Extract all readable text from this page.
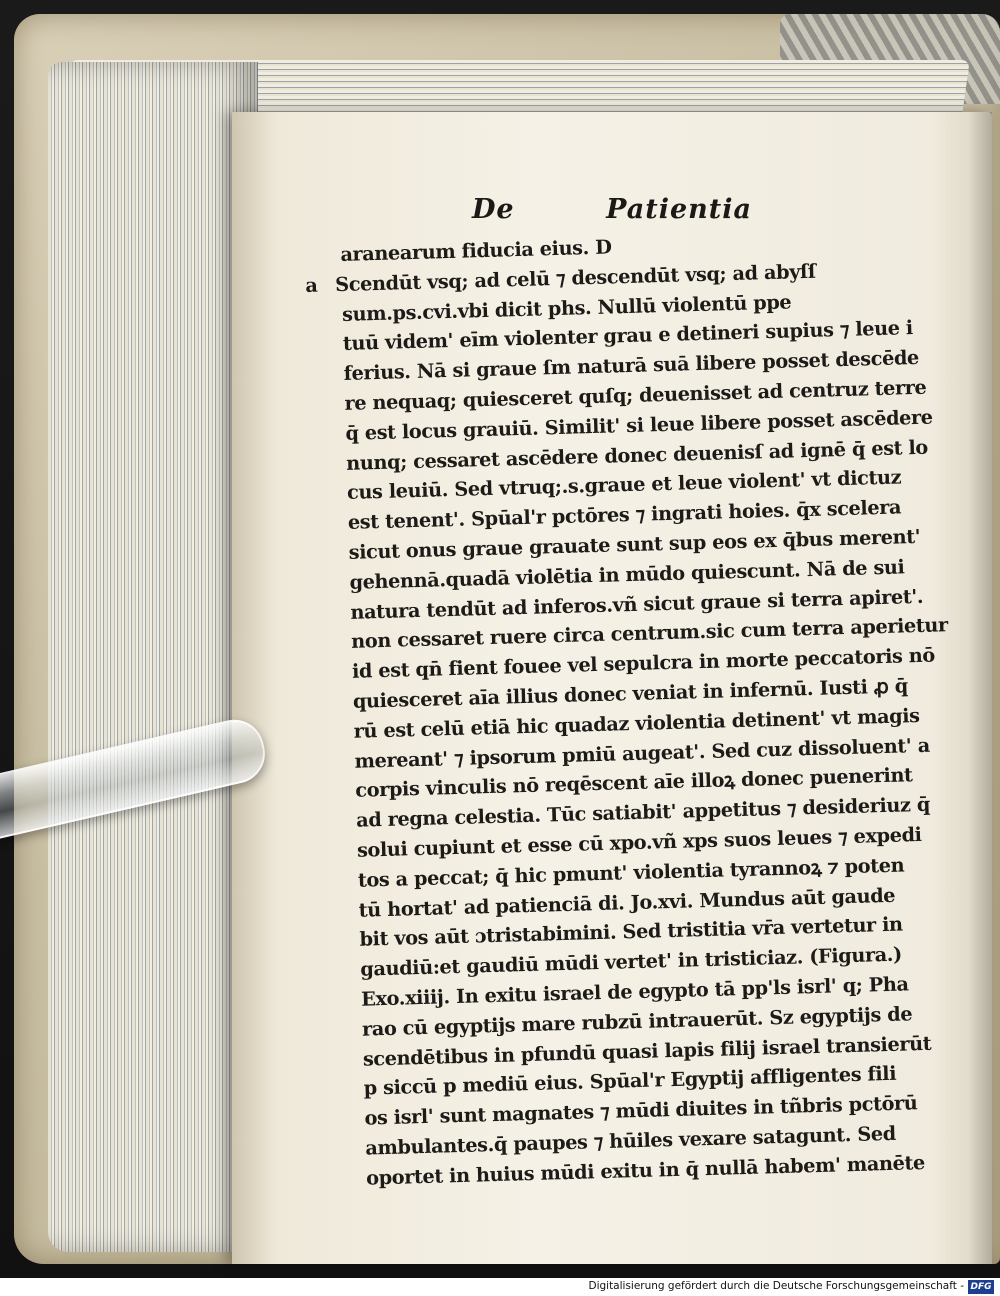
De	Patientia
aranearum fiducia eius. D
a Scendūt vsq; ad celū ⁊ descendūt vsq; ad abyſſ
sum.ps.cvi.vbi dicit phs. Nullū violentū ppe
tuū videm' eīm violenter grau e detineri supius ⁊ leue i
ferius. Nā si graue ſm naturā suā libere posset descēde
re nequaq; quiesceret quſq; deuenisset ad centruz terre
q̄ est locus grauiū. Similit' si leue libere posset ascēdere
nunq; cessaret ascēdere donec deuenisſ ad ignē q̄ est lo
cus leuiū. Sed vtruq;.s.graue et leue violent' vt dictuz
est tenent'. Spūal'r pctōres ⁊ ingrati hoies. q̄x scelera
sicut onus graue grauate sunt sup eos ex q̄bus merent'
gehennā.quadā violētia in mūdo quiescunt. Nā de sui
natura tendūt ad inferos.vñ sicut graue si terra apiret'.
non cessaret ruere circa centrum.sic cum terra aperietur
id est qn̄ fient fouee vel sepulcra in morte peccatoris nō
quiesceret aīa illius donec veniat in infernū. Iusti ꝓ q̄
rū est celū etiā hic quadaz violentia detinent' vt magis
mereant' ⁊ ipsorum pmiū augeat'. Sed cuz dissoluent' a
corpis vinculis nō reqēscent aīe illoꝝ donec puenerint
ad regna celestia. Tūc satiabit' appetitus ⁊ desideriuz q̄
solui cupiunt et esse cū xpo.vñ xps suos leues ⁊ expedi
tos a peccat; q̄ hic pmunt' violentia tyrannoꝝ ⁊ poten
tū hortat' ad patienciā di. Jo.xvi. Mundus aūt gaude
bit vos aūt ɔtristabimini. Sed tristitia vr̄a vertetur in
gaudiū:et gaudiū mūdi vertet' in tristiciaz. (Figura.)
Exo.xiiij. In exitu israel de egypto tā pp'ls isrl' q; Pha
rao cū egyptijs mare rubzū intrauerūt. Sz egyptijs de
scendētibus in pfundū quasi lapis filij israel transierūt
p siccū p mediū eius. Spūal'r Egyptij affligentes fili
os isrl' sunt magnates ⁊ mūdi diuites in tñbris pctōrū
ambulantes.q̄ paupes ⁊ hūiles vexare satagunt. Sed
oportet in huius mūdi exitu in q̄ nullā habem' manēte
Digitalisierung gefördert durch die Deutsche Forschungsgemeinschaft - DFG
